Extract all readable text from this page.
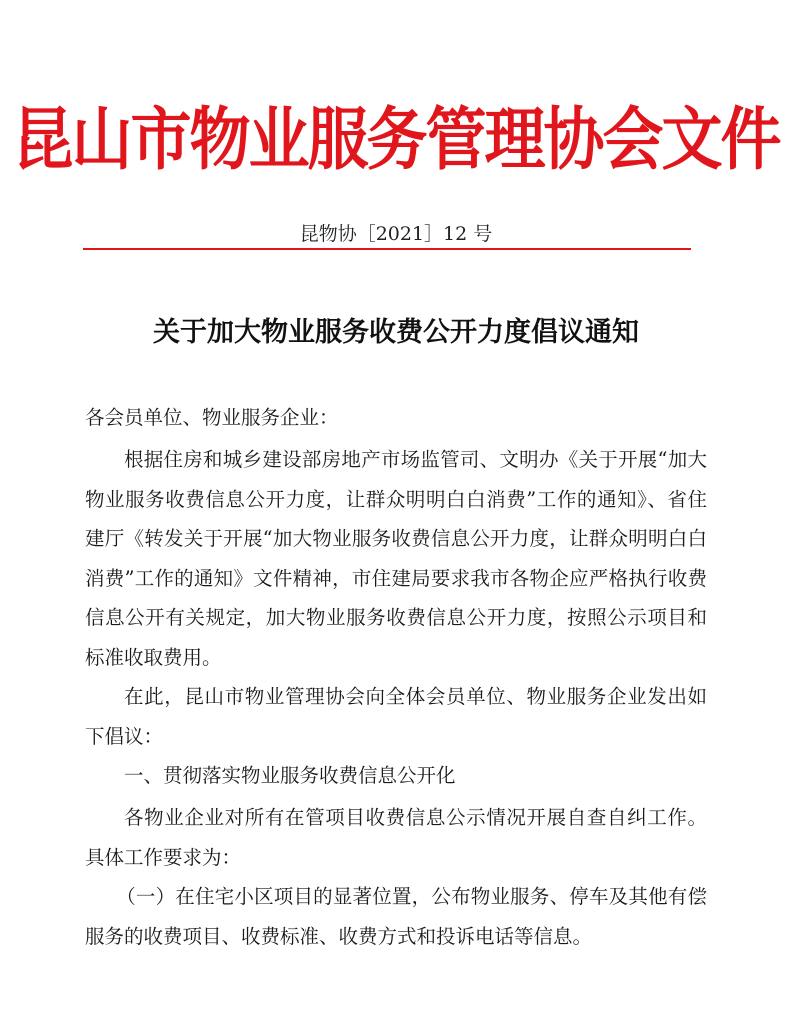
昆山市物业服务管理协会文件
昆物协［2021］12 号
关于加大物业服务收费公开力度倡议通知
各会员单位、物业服务企业：
根据住房和城乡建设部房地产市场监管司、文明办《关于开展“加大物业服务收费信息公开力度，让群众明明白白消费”工作的通知》、省住建厅《转发关于开展“加大物业服务收费信息公开力度，让群众明明白白消费”工作的通知》文件精神，市住建局要求我市各物企应严格执行收费信息公开有关规定，加大物业服务收费信息公开力度，按照公示项目和标准收取费用。
在此，昆山市物业管理协会向全体会员单位、物业服务企业发出如下倡议：
一、贯彻落实物业服务收费信息公开化
各物业企业对所有在管项目收费信息公示情况开展自查自纠工作。具体工作要求为：
（一）在住宅小区项目的显著位置，公布物业服务、停车及其他有偿服务的收费项目、收费标准、收费方式和投诉电话等信息。
